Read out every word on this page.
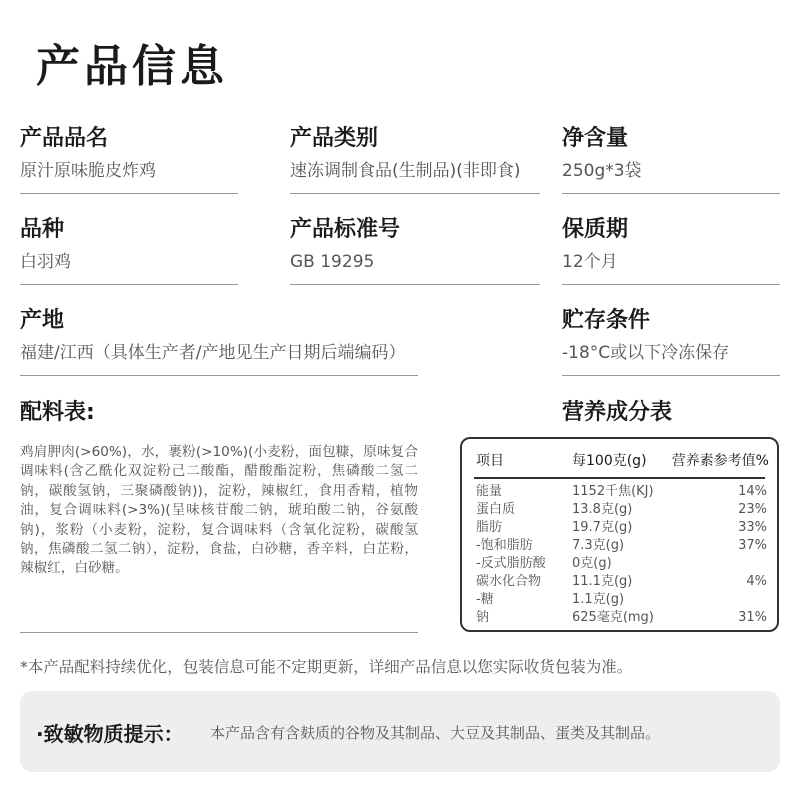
产品信息
产品品名
原汁原味脆皮炸鸡
产品类别
速冻调制食品(生制品)(非即食)
净含量
250g*3袋
品种
白羽鸡
产品标准号
GB 19295
保质期
12个月
产地
福建/江西（具体生产者/产地见生产日期后端编码）
贮存条件
-18°C或以下冷冻保存
配料表:
鸡肩胛肉(>60%)，水，裹粉(>10%)(小麦粉，面包糠，原味复合调味料(含乙酰化双淀粉己二酸酯，醋酸酯淀粉，焦磷酸二氢二钠，碳酸氢钠，三聚磷酸钠))，淀粉，辣椒红，食用香精，植物油，复合调味料(>3%)(呈味核苷酸二钠，琥珀酸二钠，谷氨酸钠)，浆粉（小麦粉，淀粉，复合调味料（含氧化淀粉，碳酸氢钠，焦磷酸二氢二钠），淀粉，食盐，白砂糖，香辛料，白芷粉，辣椒红，白砂糖。
营养成分表
项目	每100克(g) 营养素参考值%
能量	1152千焦(KJ)	14%
蛋白质	13.8克(g)	23%
脂肪	19.7克(g)	33%
-饱和脂肪	7.3克(g)	37%
-反式脂肪酸 0克(g)
碳水化合物 11.1克(g)	4%
-糖	1.1克(g)
钠	625毫克(mg)	31%
*本产品配料持续优化，包装信息可能不定期更新，详细产品信息以您实际收货包装为准。
·致敏物质提示： 本产品含有含麸质的谷物及其制品、大豆及其制品、蛋类及其制品。
